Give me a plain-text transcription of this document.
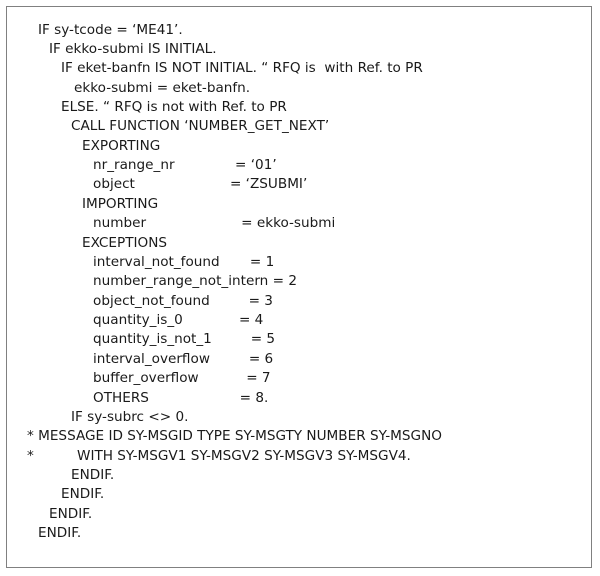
IF sy-tcode = ‘ME41’.
IF ekko-submi IS INITIAL.
IF eket-banfn IS NOT INITIAL. “ RFQ is  with Ref. to PR
ekko-submi = eket-banfn.
ELSE. “ RFQ is not with Ref. to PR
CALL FUNCTION ‘NUMBER_GET_NEXT’
EXPORTING
nr_range_nr              = ‘01’
object                      = ‘ZSUBMI’
IMPORTING
number                      = ekko-submi
EXCEPTIONS
interval_not_found       = 1
number_range_not_intern = 2
object_not_found         = 3
quantity_is_0             = 4
quantity_is_not_1         = 5
interval_overflow         = 6
buffer_overflow           = 7
OTHERS                     = 8.
IF sy-subrc <> 0.
* MESSAGE ID SY-MSGID TYPE SY-MSGTY NUMBER SY-MSGNO
*          WITH SY-MSGV1 SY-MSGV2 SY-MSGV3 SY-MSGV4.
ENDIF.
ENDIF.
ENDIF.
ENDIF.
